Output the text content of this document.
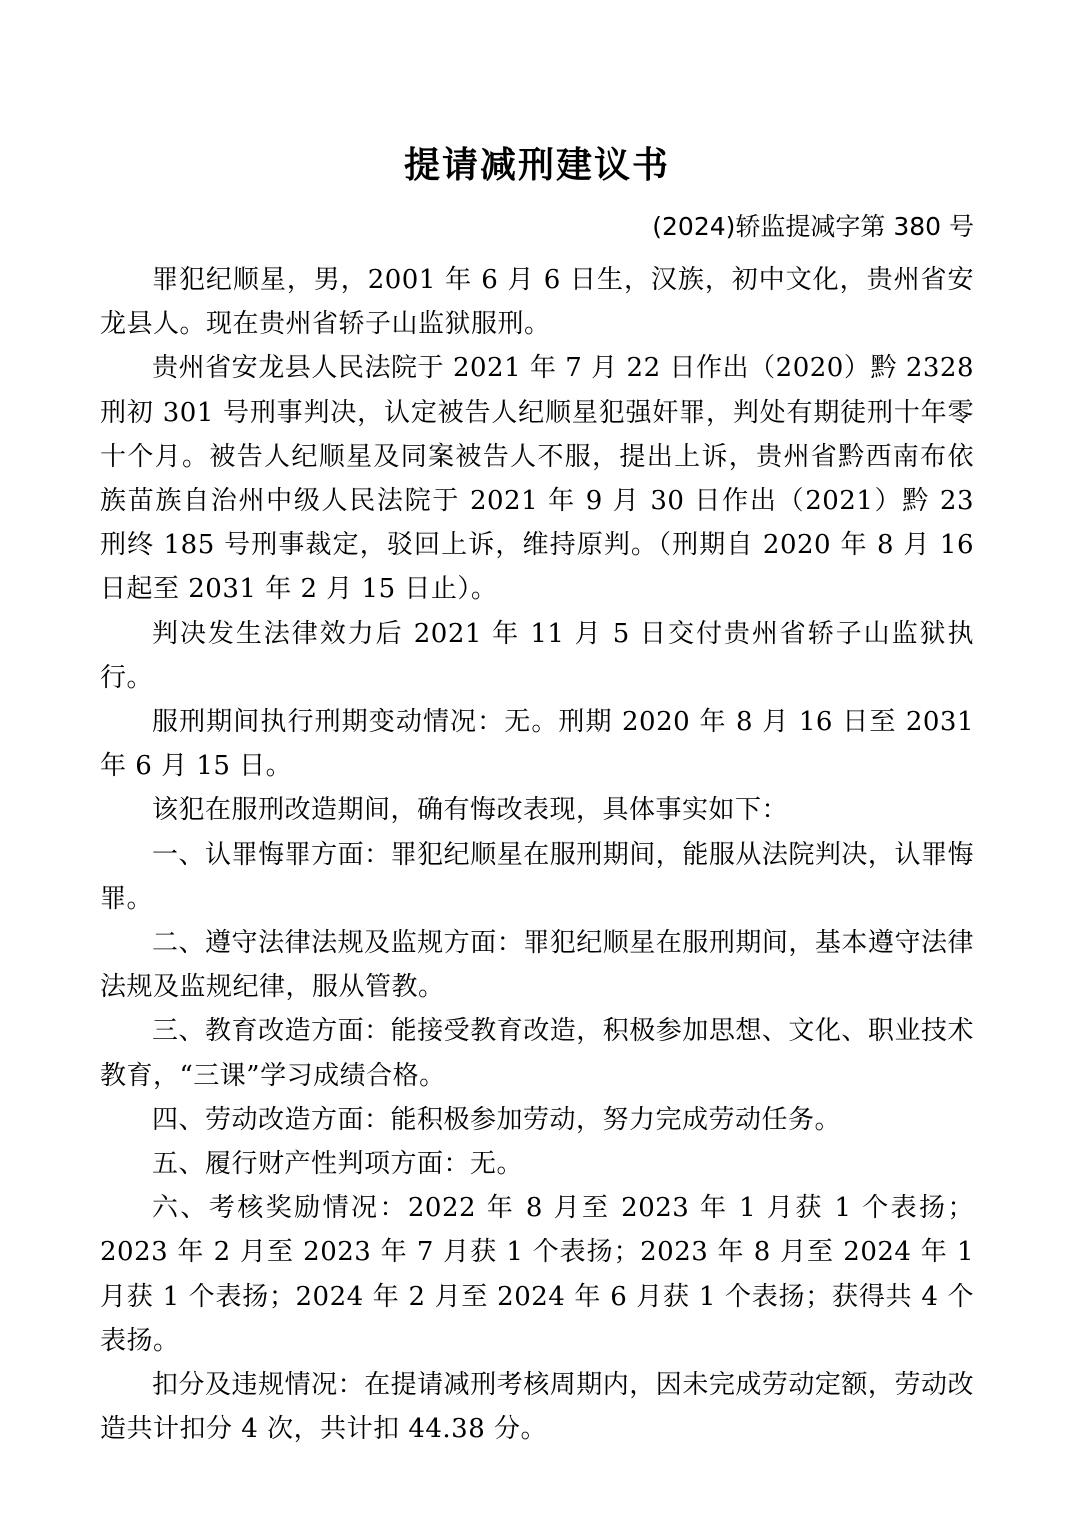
提请减刑建议书
(2024)轿监提减字第 380 号

罪犯纪顺星，男，2001 年 6 月 6 日生，汉族，初中文化，贵州省安龙县人。现在贵州省轿子山监狱服刑。

贵州省安龙县人民法院于 2021 年 7 月 22 日作出（2020）黔 2328 刑初 301 号刑事判决，认定被告人纪顺星犯强奸罪，判处有期徒刑十年零十个月。被告人纪顺星及同案被告人不服，提出上诉，贵州省黔西南布依族苗族自治州中级人民法院于 2021 年 9 月 30 日作出（2021）黔 23 刑终 185 号刑事裁定，驳回上诉，维持原判。（刑期自 2020 年 8 月 16 日起至 2031 年 2 月 15 日止）。

判决发生法律效力后 2021 年 11 月 5 日交付贵州省轿子山监狱执行。

服刑期间执行刑期变动情况：无。刑期 2020 年 8 月 16 日至 2031 年 6 月 15 日。

该犯在服刑改造期间，确有悔改表现，具体事实如下：

一、认罪悔罪方面：罪犯纪顺星在服刑期间，能服从法院判决，认罪悔罪。

二、遵守法律法规及监规方面：罪犯纪顺星在服刑期间，基本遵守法律法规及监规纪律，服从管教。

三、教育改造方面：能接受教育改造，积极参加思想、文化、职业技术教育，“三课”学习成绩合格。

四、劳动改造方面：能积极参加劳动，努力完成劳动任务。

五、履行财产性判项方面：无。

六、考核奖励情况：2022 年 8 月至 2023 年 1 月获 1 个表扬；2023 年 2 月至 2023 年 7 月获 1 个表扬；2023 年 8 月至 2024 年 1 月获 1 个表扬；2024 年 2 月至 2024 年 6 月获 1 个表扬；获得共 4 个表扬。

扣分及违规情况：在提请减刑考核周期内，因未完成劳动定额，劳动改造共计扣分 4 次，共计扣 44.38 分。
